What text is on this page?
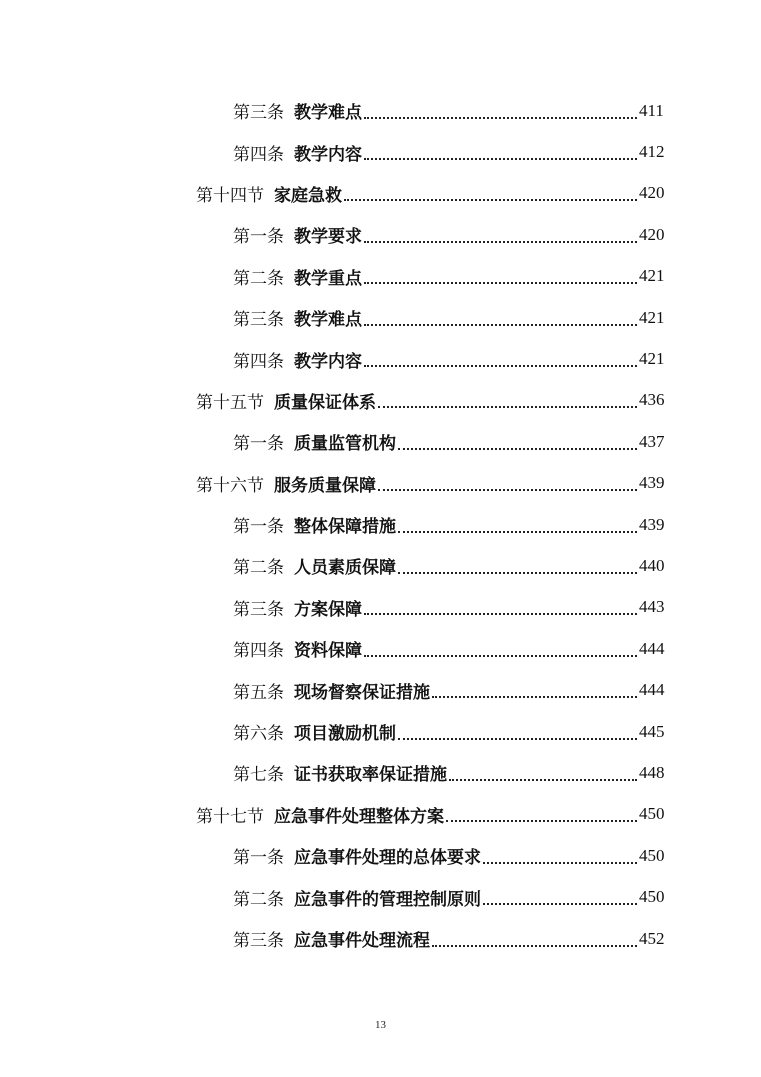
第三条 教学难点	411
第四条 教学内容	412
第十四节 家庭急救	420
第一条 教学要求	420
第二条 教学重点	421
第三条 教学难点	421
第四条 教学内容	421
第十五节 质量保证体系	436
第一条 质量监管机构	437
第十六节 服务质量保障	439
第一条 整体保障措施	439
第二条 人员素质保障	440
第三条 方案保障	443
第四条 资料保障	444
第五条 现场督察保证措施	444
第六条 项目激励机制	445
第七条 证书获取率保证措施	448
第十七节 应急事件处理整体方案	450
第一条 应急事件处理的总体要求	450
第二条 应急事件的管理控制原则	450
第三条 应急事件处理流程	452
13
